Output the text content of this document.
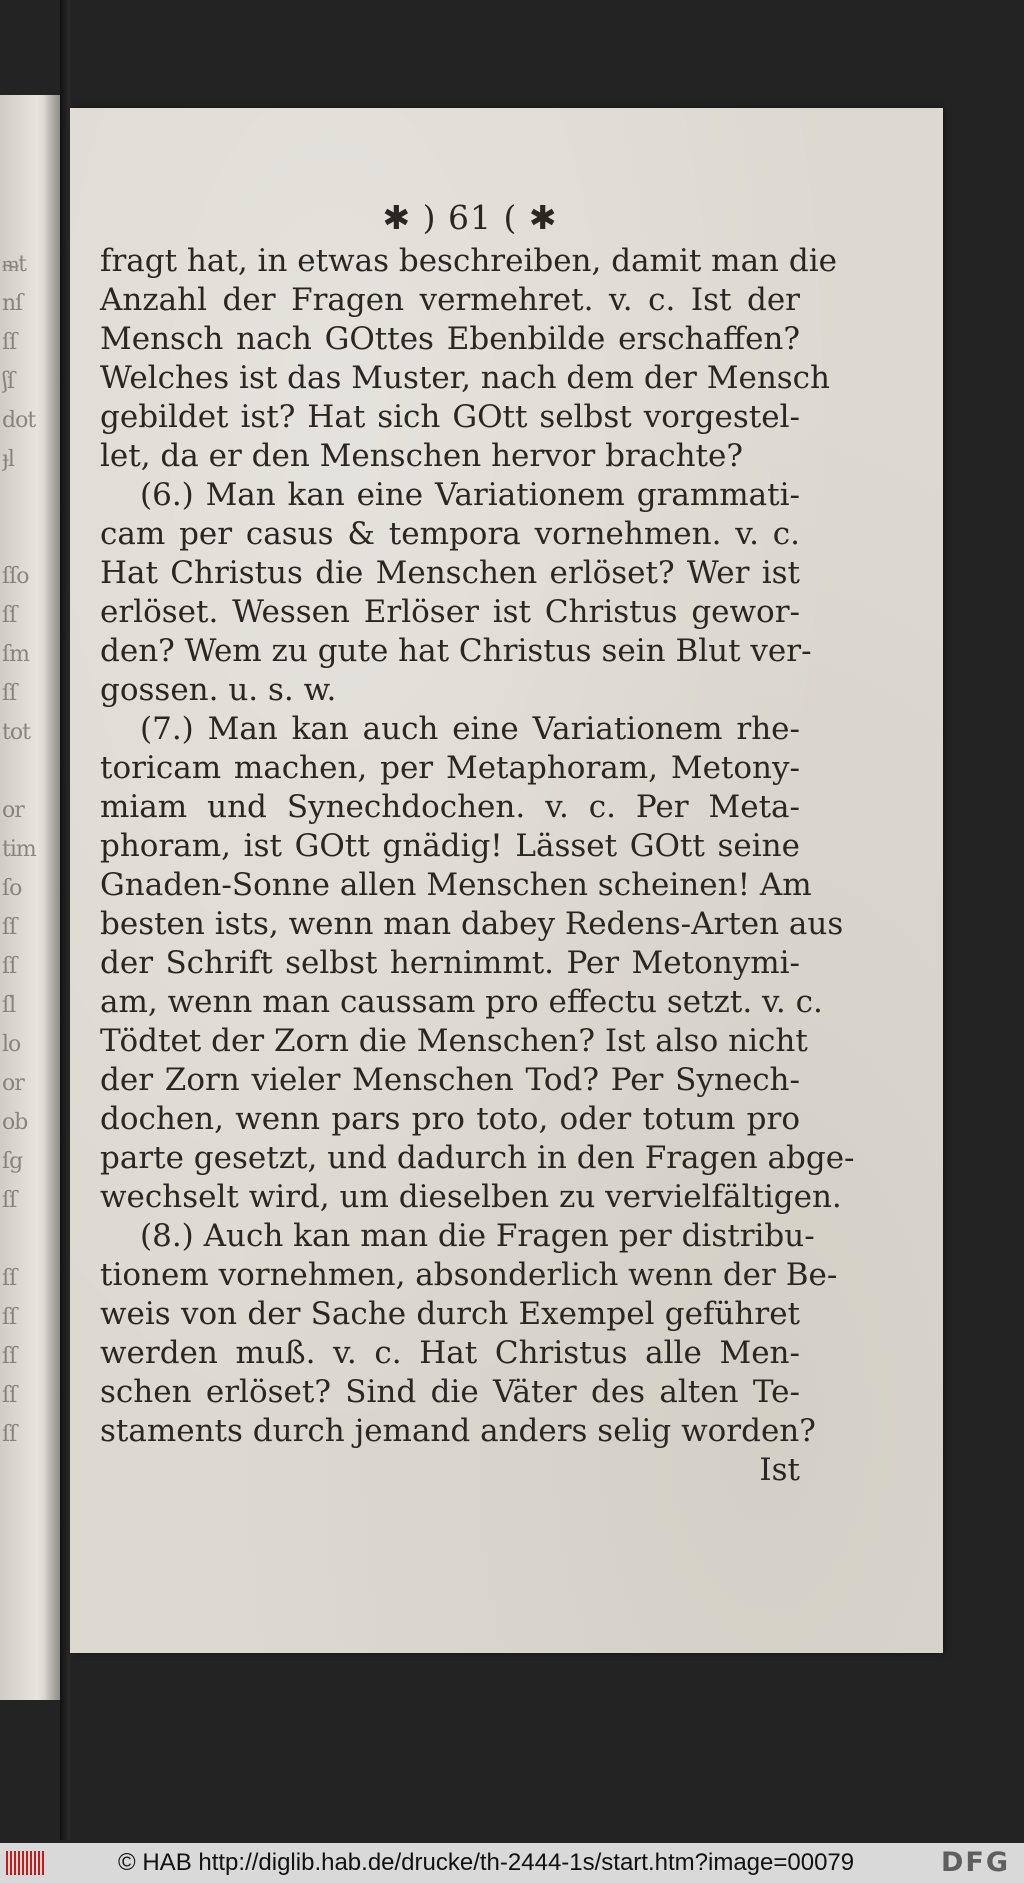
ᵯt
nſ
ſſ
ʃſ
dot
ɟl
ſſo
ſſ
ſm
ſſ
tot
or
tim
ſo
ſſ
ſſ
ſl
lo
or
ob
ſg
ſſ
ſſ
ſſ
ſſ
ſſ
ſſ
✱ ) 61 ( ✱
fragt hat, in etwas beschreiben, damit man die
Anzahl der Fragen vermehret. v. c. Ist der
Mensch nach GOttes Ebenbilde erschaffen?
Welches ist das Muster, nach dem der Mensch
gebildet ist? Hat sich GOtt selbst vorgestel-
let, da er den Menschen hervor brachte?
(6.) Man kan eine Variationem grammati-
cam per casus & tempora vornehmen. v. c.
Hat Christus die Menschen erlöset? Wer ist
erlöset. Wessen Erlöser ist Christus gewor-
den? Wem zu gute hat Christus sein Blut ver-
gossen. u. s. w.
(7.) Man kan auch eine Variationem rhe-
toricam machen, per Metaphoram, Metony-
miam und Synechdochen. v. c. Per Meta-
phoram, ist GOtt gnädig! Lässet GOtt seine
Gnaden-Sonne allen Menschen scheinen! Am
besten ists, wenn man dabey Redens-Arten aus
der Schrift selbst hernimmt. Per Metonymi-
am, wenn man caussam pro effectu setzt. v. c.
Tödtet der Zorn die Menschen? Ist also nicht
der Zorn vieler Menschen Tod? Per Synech-
dochen, wenn pars pro toto, oder totum pro
parte gesetzt, und dadurch in den Fragen abge-
wechselt wird, um dieselben zu vervielfältigen.
(8.) Auch kan man die Fragen per distribu-
tionem vornehmen, absonderlich wenn der Be-
weis von der Sache durch Exempel geführet
werden muß. v. c. Hat Christus alle Men-
schen erlöset? Sind die Väter des alten Te-
staments durch jemand anders selig worden?
Ist
© HAB http://diglib.hab.de/drucke/th-2444-1s/start.htm?image=00079	DFG
